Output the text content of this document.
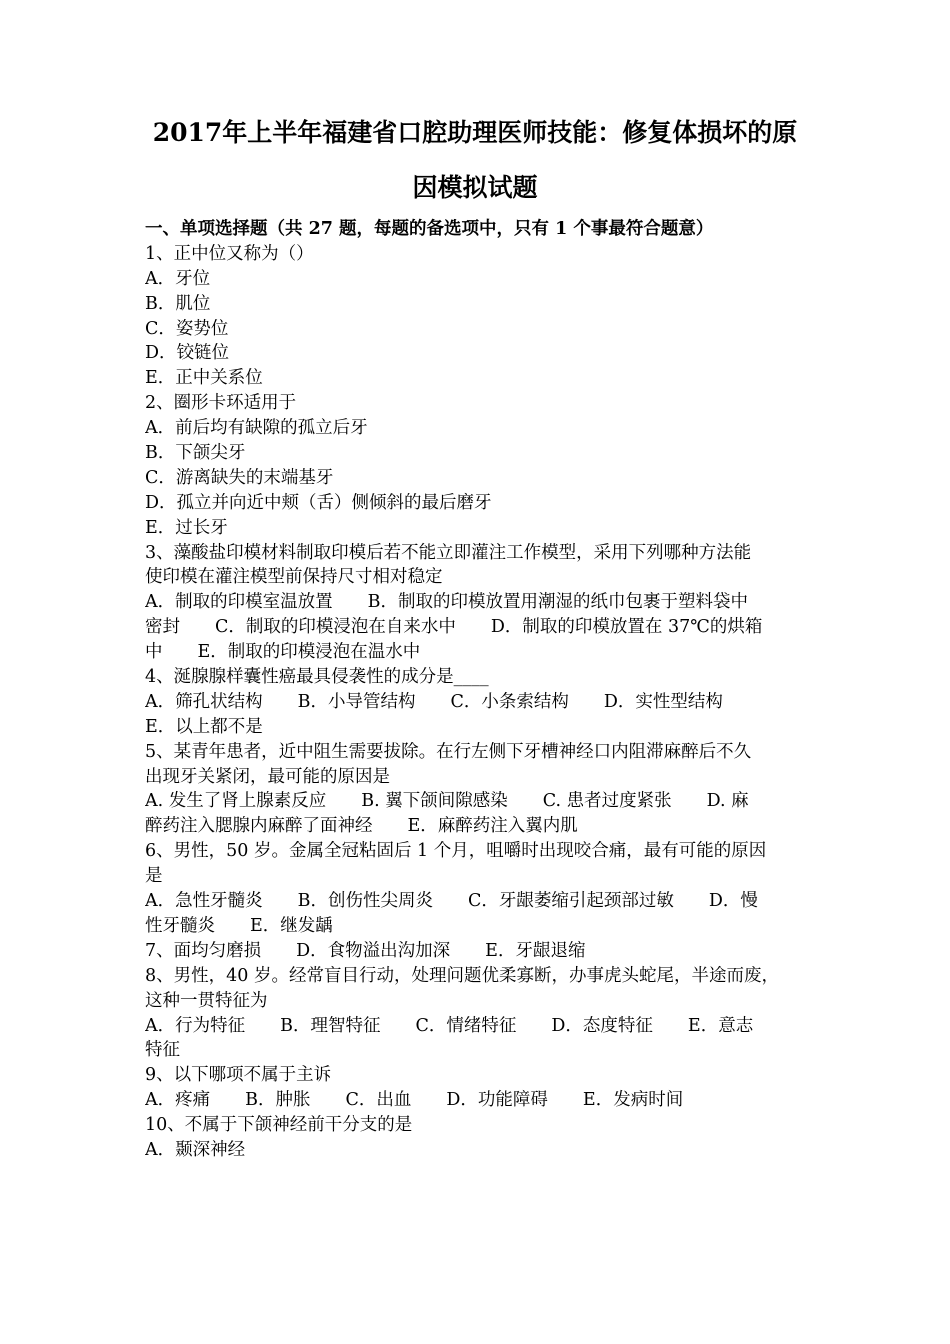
2017年上半年福建省口腔助理医师技能：修复体损坏的原
因模拟试题

一、单项选择题（共 27 题，每题的备选项中，只有 1 个事最符合题意）

1、正中位又称为（）

A．牙位

B．肌位

C．姿势位

D．铰链位

E．正中关系位

2、圈形卡环适用于

A．前后均有缺隙的孤立后牙

B．下颌尖牙

C．游离缺失的末端基牙

D．孤立并向近中颊（舌）侧倾斜的最后磨牙

E．过长牙

3、藻酸盐印模材料制取印模后若不能立即灌注工作模型，采用下列哪种方法能

使印模在灌注模型前保持尺寸相对稳定

A．制取的印模室温放置　　B．制取的印模放置用潮湿的纸巾包裹于塑料袋中

密封　　C．制取的印模浸泡在自来水中　　D．制取的印模放置在 37℃的烘箱

中　　E．制取的印模浸泡在温水中

4、涎腺腺样囊性癌最具侵袭性的成分是____

A．筛孔状结构　　B．小导管结构　　C．小条索结构　　D．实性型结构

E．以上都不是

5、某青年患者，近中阻生需要拔除。在行左侧下牙槽神经口内阻滞麻醉后不久

出现牙关紧闭，最可能的原因是

A. 发生了肾上腺素反应　　B. 翼下颌间隙感染　　C. 患者过度紧张　　D. 麻

醉药注入腮腺内麻醉了面神经　　E．麻醉药注入翼内肌

6、男性，50 岁。金属全冠粘固后 1 个月，咀嚼时出现咬合痛，最有可能的原因

是

A．急性牙髓炎　　B．创伤性尖周炎　　C．牙龈萎缩引起颈部过敏　　D．慢

性牙髓炎　　E．继发龋

7、面均匀磨损　　D．食物溢出沟加深　　E．牙龈退缩

8、男性，40 岁。经常盲目行动，处理问题优柔寡断，办事虎头蛇尾，半途而废，

这种一贯特征为

A．行为特征　　B．理智特征　　C．情绪特征　　D．态度特征　　E．意志

特征

9、以下哪项不属于主诉

A．疼痛　　B．肿胀　　C．出血　　D．功能障碍　　E．发病时间

10、不属于下颌神经前干分支的是

A．颞深神经
